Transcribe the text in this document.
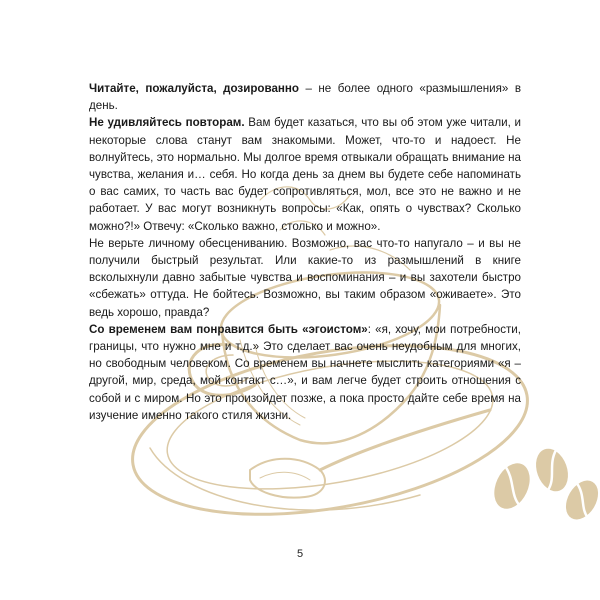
Читайте, пожалуйста, дозированно – не более одного «размышления» в день.

Не удивляйтесь повторам. Вам будет казаться, что вы об этом уже читали, и некоторые слова станут вам знакомыми. Может, что-то и надоест. Не волнуйтесь, это нормально. Мы долгое время отвыкали обращать внимание на чувства, желания и… себя. Но когда день за днем вы будете себе напоминать о вас самих, то часть вас будет сопротивляться, мол, все это не важно и не работает. У вас могут возникнуть вопросы: «Как, опять о чувствах? Сколько можно?!» Отвечу: «Сколько важно, столько и можно».

Не верьте личному обесцениванию. Возможно, вас что-то напугало – и вы не получили быстрый результат. Или какие-то из размышлений в книге всколыхнули давно забытые чувства и воспоминания – и вы захотели быстро «сбежать» оттуда. Не бойтесь. Возможно, вы таким образом «оживаете». Это ведь хорошо, правда?

Со временем вам понравится быть «эгоистом»: «я, хочу, мои потребности, границы, что нужно мне и т.д.» Это сделает вас очень неудобным для многих, но свободным человеком. Со временем вы начнете мыслить категориями «я – другой, мир, среда, мой контакт с…», и вам легче будет строить отношения с собой и с миром. Но это произойдет позже, а пока просто дайте себе время на изучение именно такого стиля жизни.

5
